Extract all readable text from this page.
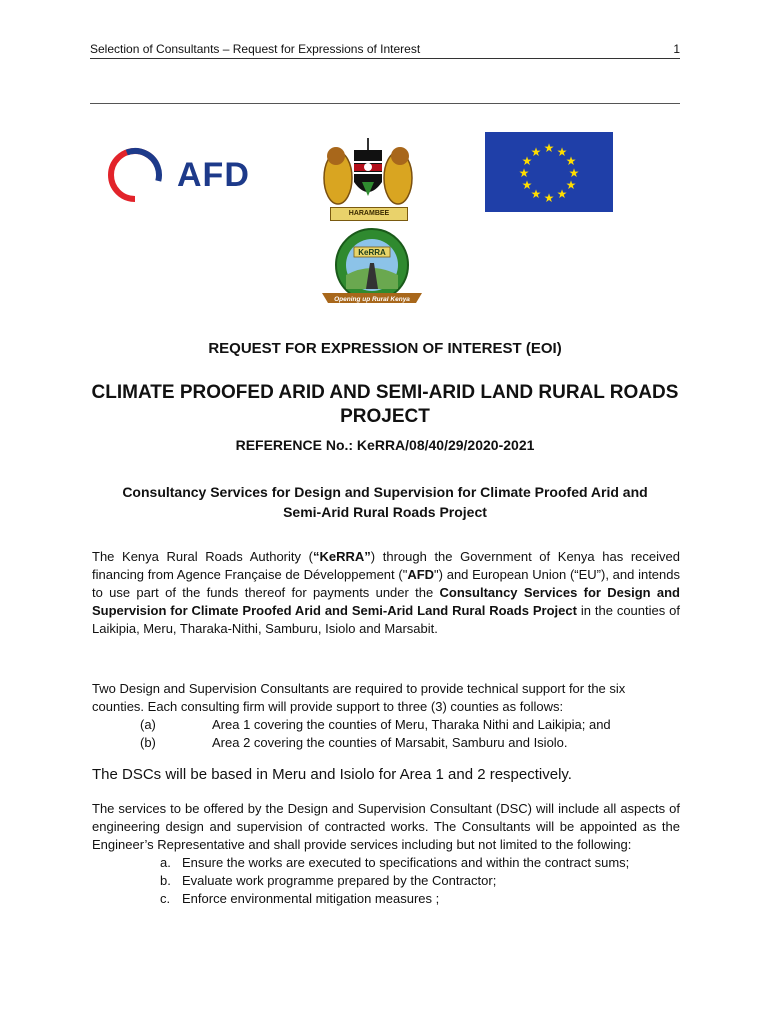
Selection of Consultants – Request for Expressions of Interest	1
AFD
HARAMBEE
★ ★
★
★
★
★
★
★
★
★
★
★
KeRRA
Opening up Rural Kenya
REQUEST FOR EXPRESSION OF INTEREST (EOI)
CLIMATE PROOFED ARID AND SEMI-ARID LAND RURAL ROADS
PROJECT
REFERENCE No.: KeRRA/08/40/29/2020-2021
Consultancy Services for Design and Supervision for Climate Proofed Arid and
Semi-Arid Rural Roads Project
The Kenya Rural Roads Authority (“KeRRA”) through the Government of Kenya has received financing from Agence Française de Développement ("AFD") and European Union (“EU”), and intends to use part of the funds thereof for payments under the Consultancy Services for Design and Supervision for Climate Proofed Arid and Semi-Arid Land Rural Roads Project in the counties of Laikipia, Meru, Tharaka-Nithi, Samburu, Isiolo and Marsabit.
Two Design and Supervision Consultants are required to provide technical support for the six counties. Each consulting firm will provide support to three (3) counties as follows:
(a)	Area 1 covering the counties of Meru, Tharaka Nithi and Laikipia; and
(b)	Area 2 covering the counties of Marsabit, Samburu and Isiolo.
The DSCs will be based in Meru and Isiolo for Area 1 and 2 respectively.
The services to be offered by the Design and Supervision Consultant (DSC) will include all aspects of engineering design and supervision of contracted works. The Consultants will be appointed as the Engineer’s Representative and shall provide services including but not limited to the following:
a. Ensure the works are executed to specifications and within the contract sums;
b. Evaluate work programme prepared by the Contractor;
c. Enforce environmental mitigation measures ;
